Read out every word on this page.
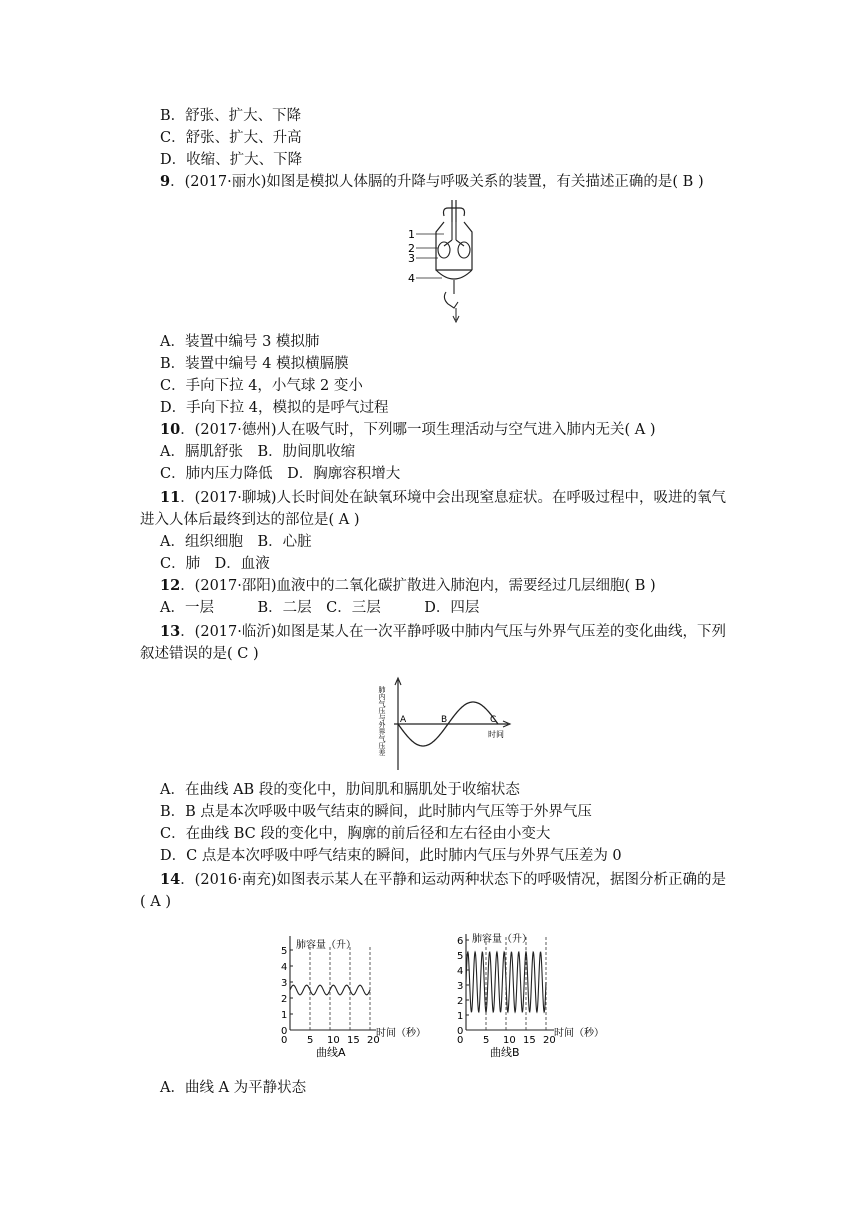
B．舒张、扩大、下降
C．舒张、扩大、升高
D．收缩、扩大、下降
9．(2017·丽水)如图是模拟人体膈的升降与呼吸关系的装置，有关描述正确的是( B )
1
2
3
4
A．装置中编号 3 模拟肺
B．装置中编号 4 模拟横膈膜
C．手向下拉 4，小气球 2 变小
D．手向下拉 4，模拟的是呼气过程
10．(2017·德州)人在吸气时，下列哪一项生理活动与空气进入肺内无关( A )
A．膈肌舒张　B．肋间肌收缩
C．肺内压力降低　D．胸廓容积增大
11．(2017·聊城)人长时间处在缺氧环境中会出现窒息症状。在呼吸过程中，吸进的氧气
进入人体后最终到达的部位是( A )
A．组织细胞　B．心脏
C．肺　D．血液
12．(2017·邵阳)血液中的二氧化碳扩散进入肺泡内，需要经过几层细胞( B )
A．一层　　　B．二层　C．三层　　　D．四层
13．(2017·临沂)如图是某人在一次平静呼吸中肺内气压与外界气压差的变化曲线，下列
叙述错误的是( C )
肺内气压与外界气压差	时间
A	B	C
A．在曲线 AB 段的变化中，肋间肌和膈肌处于收缩状态
B．B 点是本次呼吸中吸气结束的瞬间，此时肺内气压等于外界气压
C．在曲线 BC 段的变化中，胸廓的前后径和左右径由小变大
D．C 点是本次呼吸中呼气结束的瞬间，此时肺内气压与外界气压差为 0
14．(2016·南充)如图表示某人在平静和运动两种状态下的呼吸情况，据图分析正确的是
( A )
肺容量（升）
时间（秒）
曲线A
0
1
2
3
4
5
5 10 15 20
0
肺容量（升）
时间（秒）
曲线B
0
1
2
3
4
5
6
5 10 15 20
0
A．曲线 A 为平静状态
